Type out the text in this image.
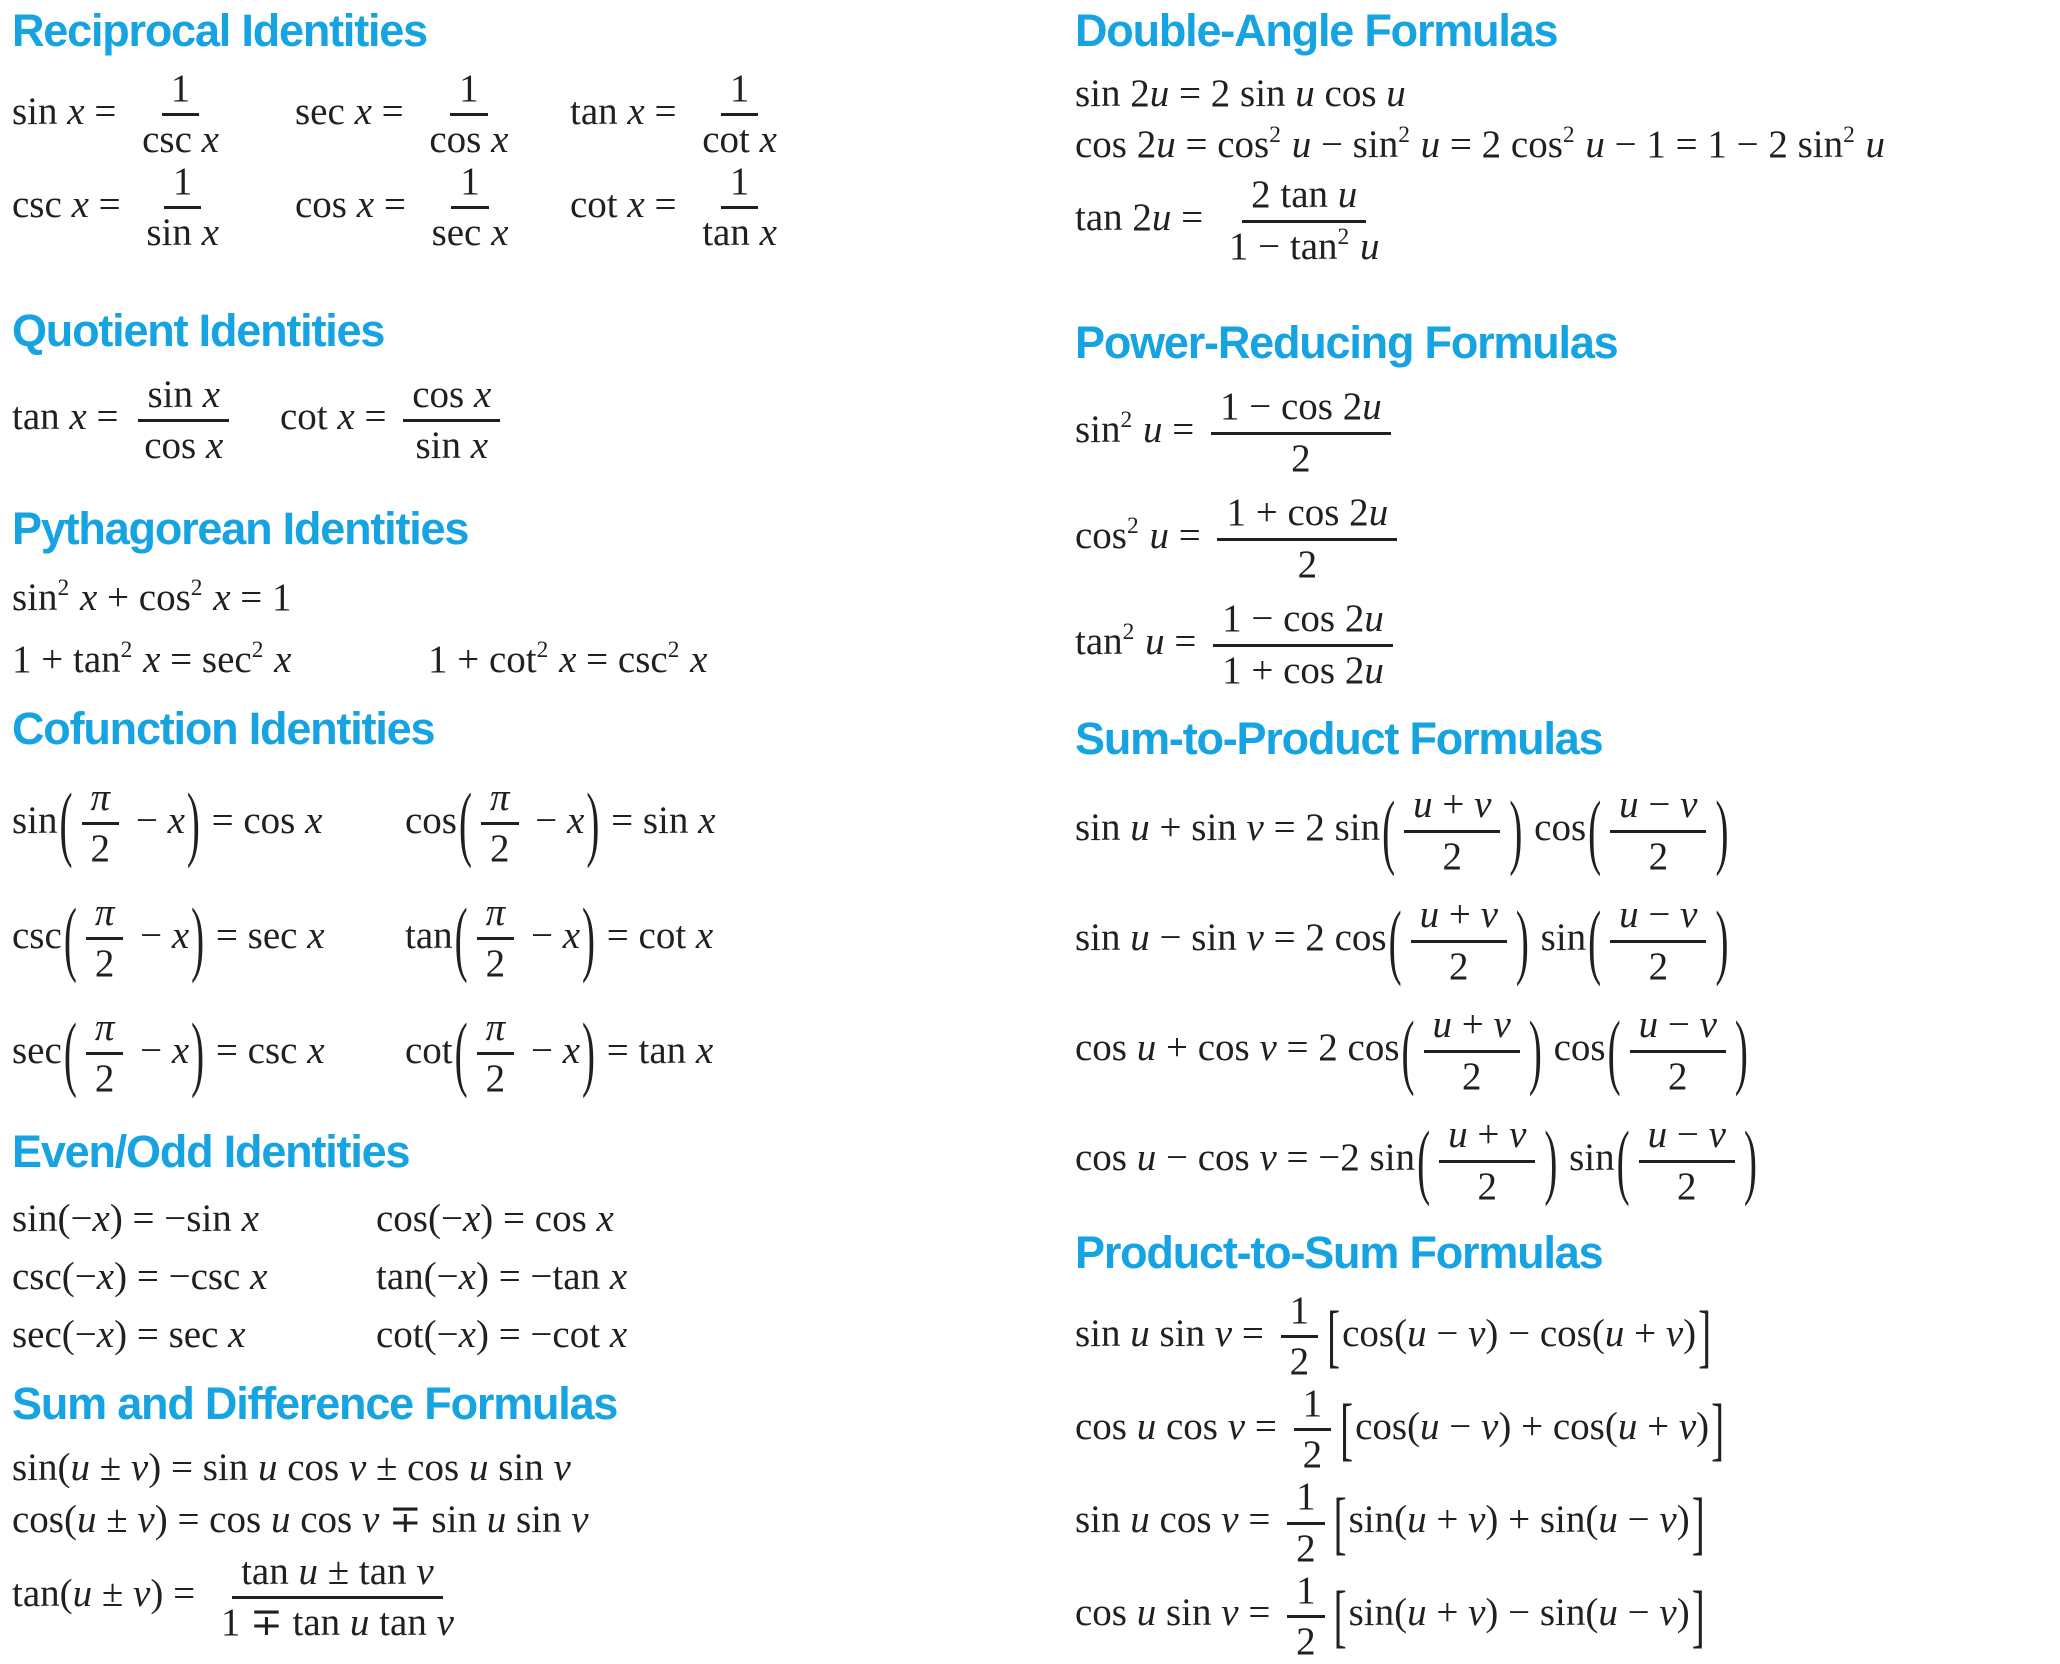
Reciprocal Identities
$\sin x = \frac{1}{\text{csc x}}$ $\sec x = \frac{1}{\text{cos x}}$ $\tan x = \frac{1}{\text{cot x}}$
$\csc x = \frac{1}{\text{sin x}}$ $\cos x = \frac{1}{\text{sec x}}$ $\cot x = \frac{1}{\text{tan x}}$
Quotient Identities
$\tan x = \frac{\text{sin x}}{\text{cos x}}$ $\cot x = \frac{\text{cos x}}{\text{sin x}}$
Pythagorean Identities
$\sin^2 x + \cos^2 x = 1$
$1 + \tan^2 x = \sec^2 x$	$1 + \cot^2 x = \csc^2 x$
Cofunction Identities
$\sin( \frac{\pi}{2} - x) = \cos x$	$\cos( \frac{\pi}{2} - x) = \sin x$
$\csc( \frac{\pi}{2} - x) = \sec x$	$\tan( \frac{\pi}{2} - x) = \cot x$
$\sec( \frac{\pi}{2} - x) = \csc x$	$\cot( \frac{\pi}{2} - x) = \tan x$
Even/Odd Identities
sin(−x) = −sin x	cos(−x) = cos x
csc(−x) = −csc x	tan(−x) = −tan x
sec(−x) = sec x	cot(−x) = −cot x
Sum and Difference Formulas
sin(u ± v) = sin u cos v ± cos u sin v
cos(u ± v) = cos u cos v ∓ sin u sin v
$\tan(u \pm v) = \frac{\text{tan u ± tan v}}{\text{1 ∓ tan u tan v}}$
Double-Angle Formulas
sin 2u = 2 sin u cos u
$\cos 2u = \cos^2 u - \sin^2 u = 2$ $\cos^2 u - 1 = 1 - 2$ $\sin^2 u$
$\tan 2u = \frac{\text{2 tan u}}{1 - \tan^2 u}$
Power-Reducing Formulas
$\sin^2 u = \frac{1 - \cos 2u}{2}$
$\cos^2 u = \frac{1 + \cos 2u}{2}$
$\tan^2 u = \frac{1 - \cos 2u}{1 + \cos 2u}$
Sum-to-Product Formulas
sin u + sin v = 2 $\sin( \frac{u + v}{2}$ ) $\cos( \frac{u - v}{2}$ )
sin u − sin v = 2 $\cos( \frac{u + v}{2}$ ) $\sin( \frac{u - v}{2}$ )
cos u + cos v = 2 $\cos( \frac{u + v}{2}$ ) $\cos( \frac{u - v}{2}$ )
cos u − cos v = −2 $\sin( \frac{u + v}{2}$ ) $\sin( \frac{u - v}{2}$ )
Product-to-Sum Formulas
sin u $\sin v = \frac{1}{2} [\cos(u - v) - \cos(u + v)]$
cos u $\cos v = \frac{1}{2} [\cos(u - v) + \cos(u + v)]$
sin u $\cos v = \frac{1}{2} [\sin(u + v) + \sin(u - v)]$
cos u $\sin v = \frac{1}{2} [\sin(u + v) - \sin(u - v)]$
